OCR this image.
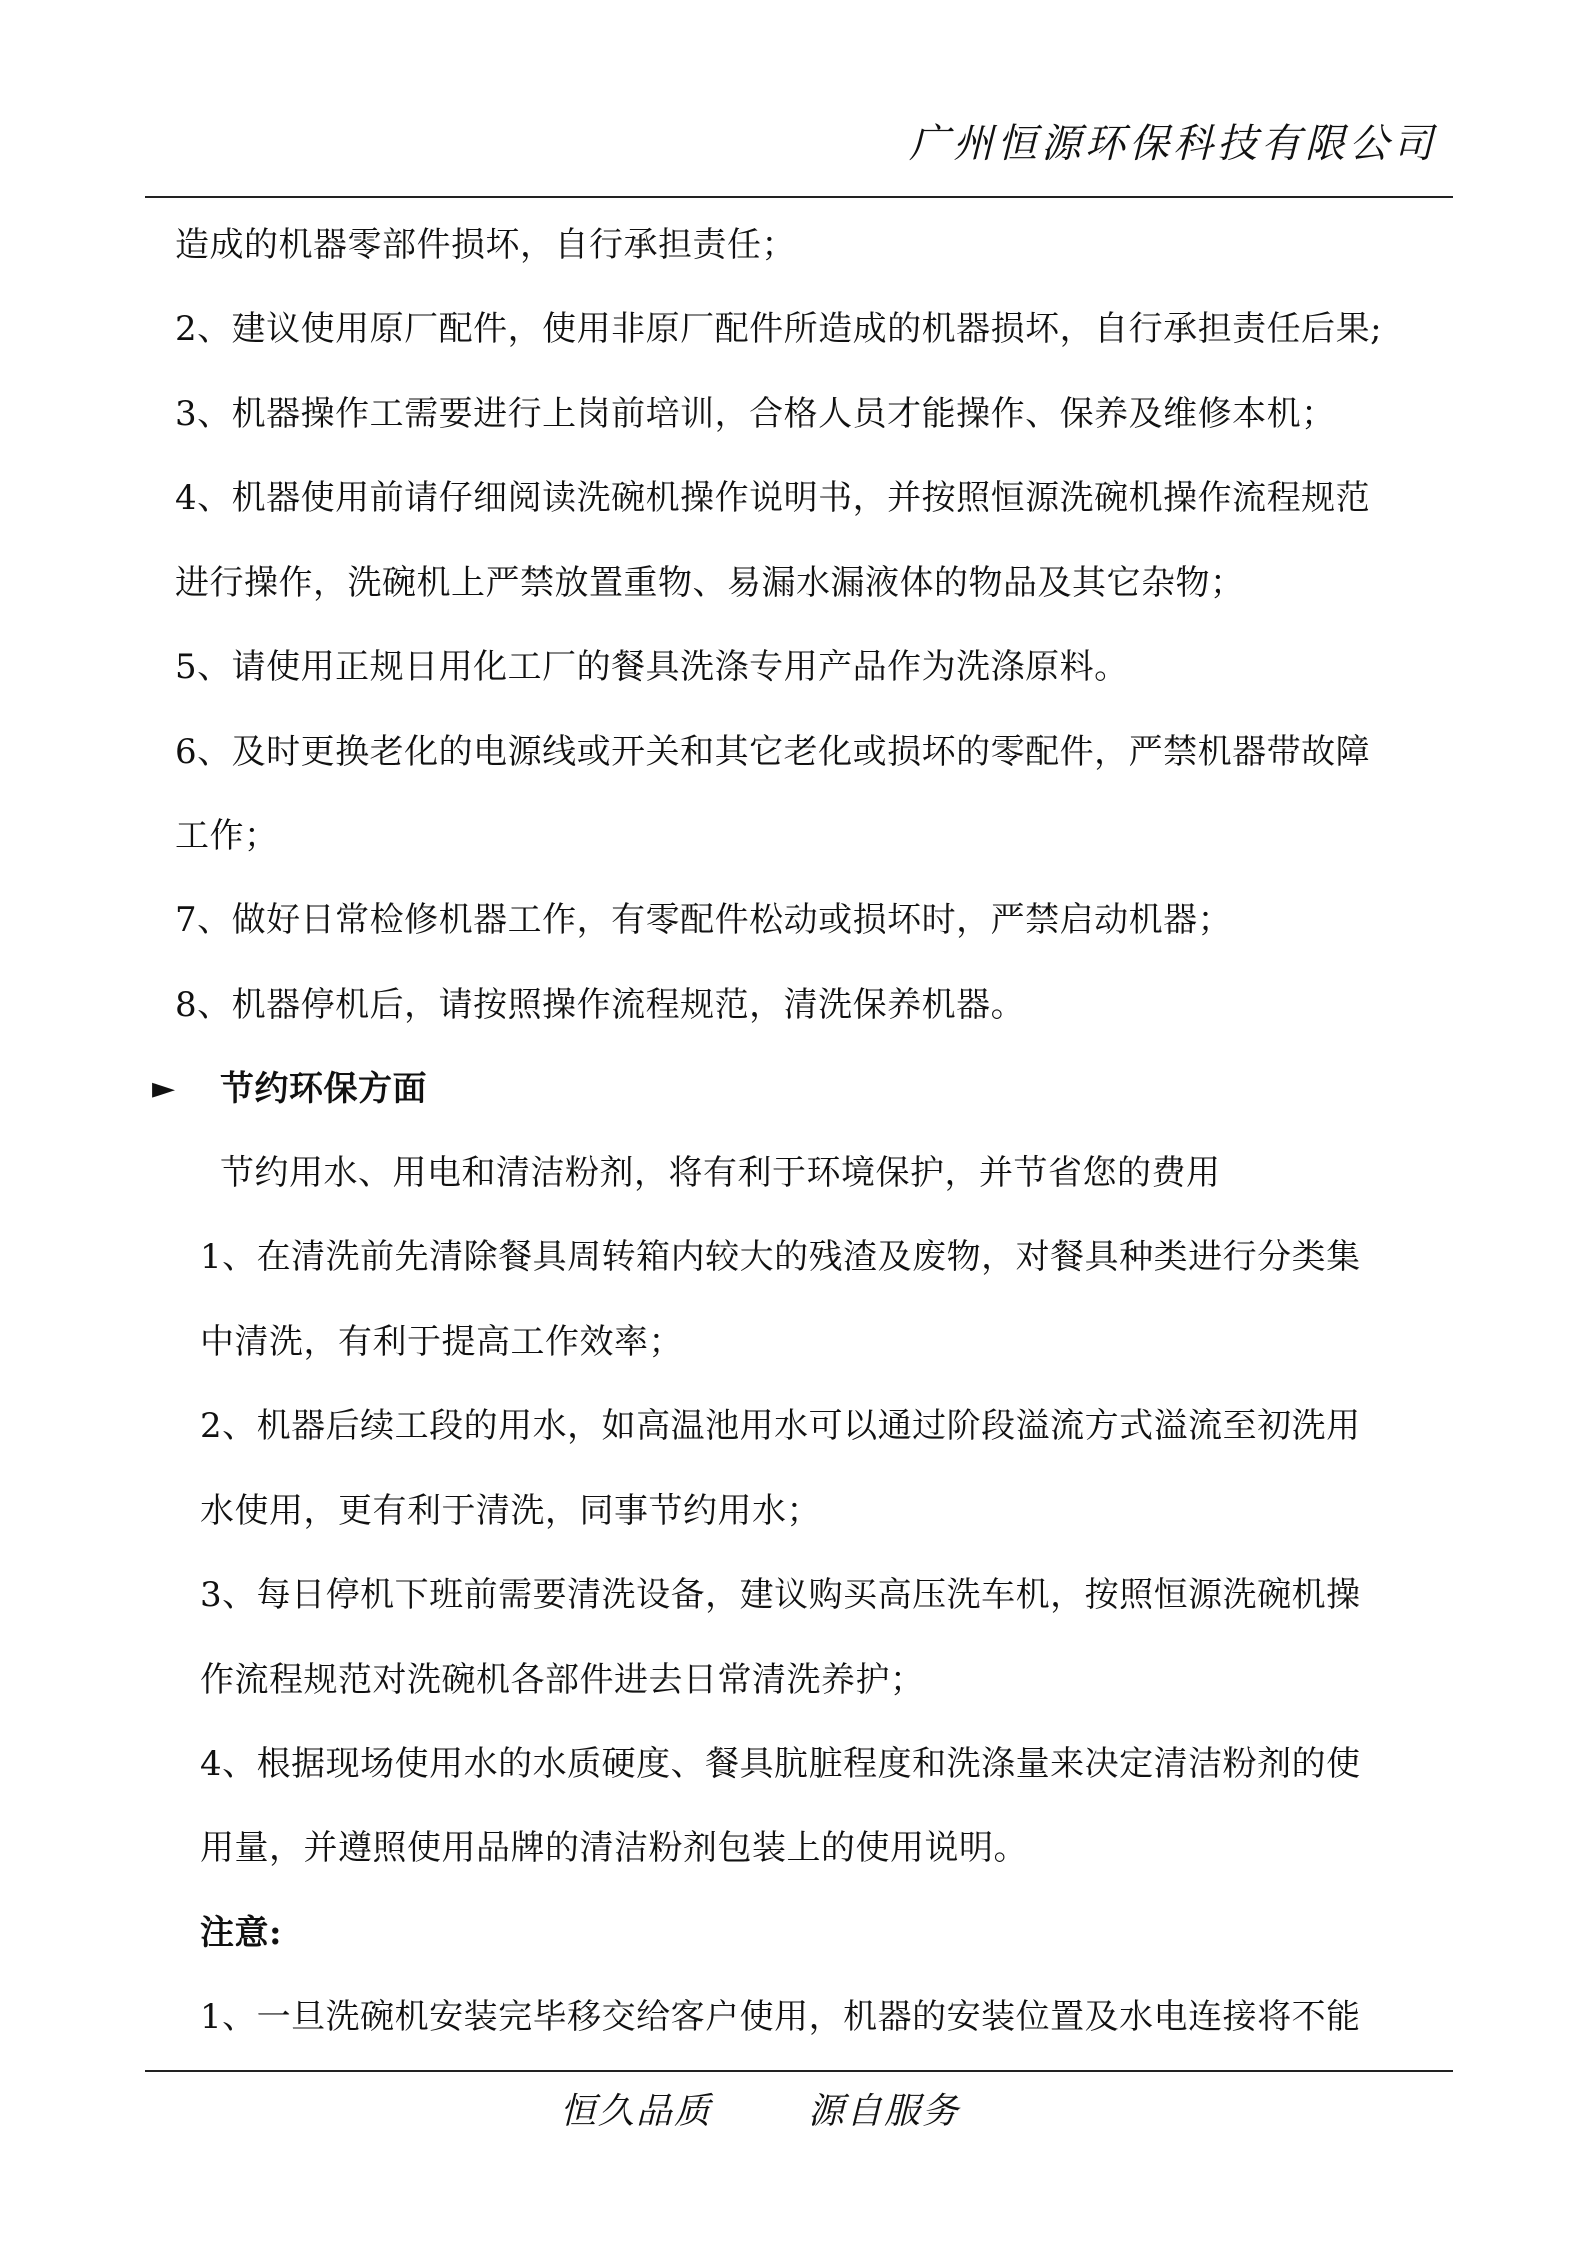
广州恒源环保科技有限公司
造成的机器零部件损坏，自行承担责任；
2、建议使用原厂配件，使用非原厂配件所造成的机器损坏，自行承担责任后果;
3、机器操作工需要进行上岗前培训，合格人员才能操作、保养及维修本机；
4、机器使用前请仔细阅读洗碗机操作说明书，并按照恒源洗碗机操作流程规范
进行操作，洗碗机上严禁放置重物、易漏水漏液体的物品及其它杂物；
5、请使用正规日用化工厂的餐具洗涤专用产品作为洗涤原料。
6、及时更换老化的电源线或开关和其它老化或损坏的零配件，严禁机器带故障
工作；
7、做好日常检修机器工作，有零配件松动或损坏时，严禁启动机器；
8、机器停机后，请按照操作流程规范，清洗保养机器。
► 节约环保方面
节约用水、用电和清洁粉剂，将有利于环境保护，并节省您的费用
1、在清洗前先清除餐具周转箱内较大的残渣及废物，对餐具种类进行分类集
中清洗，有利于提高工作效率；
2、机器后续工段的用水，如高温池用水可以通过阶段溢流方式溢流至初洗用
水使用，更有利于清洗，同事节约用水；
3、每日停机下班前需要清洗设备，建议购买高压洗车机，按照恒源洗碗机操
作流程规范对洗碗机各部件进去日常清洗养护；
4、根据现场使用水的水质硬度、餐具肮脏程度和洗涤量来决定清洁粉剂的使
用量，并遵照使用品牌的清洁粉剂包装上的使用说明。
注意:
1、一旦洗碗机安装完毕移交给客户使用，机器的安装位置及水电连接将不能
恒久品质	源自服务
